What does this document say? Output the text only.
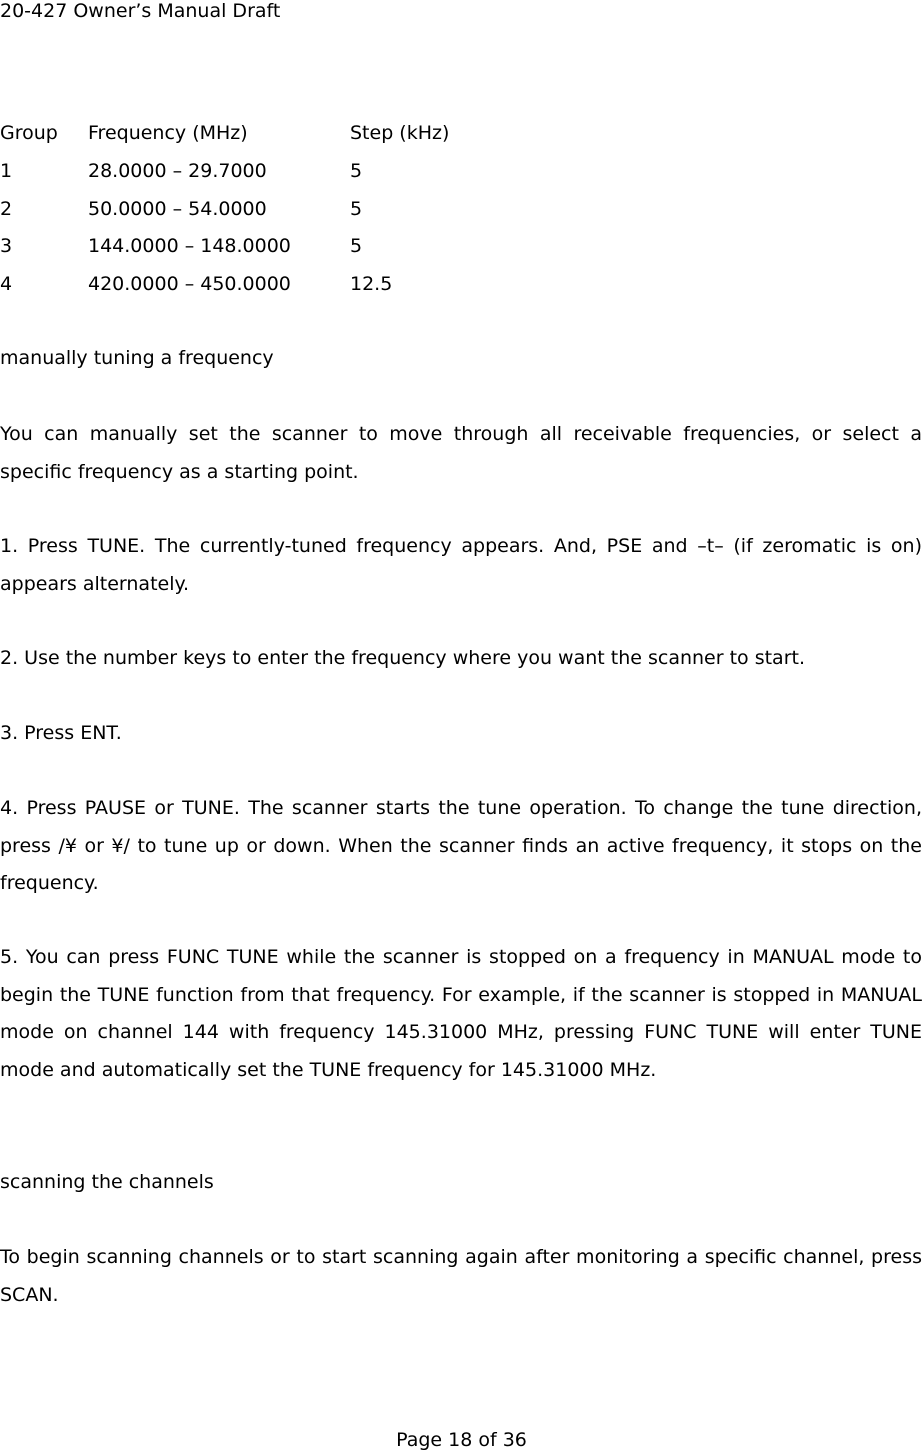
20-427 Owner’s Manual Draft
Group Frequency (MHz)	Step (kHz)
1	28.0000 – 29.7000	5
2	50.0000 – 54.0000	5
3	144.0000 – 148.0000	5
4	420.0000 – 450.0000	12.5

manually tuning a frequency

You can manually set the scanner to move through all receivable frequencies, or select a specific frequency as a starting point.

1. Press TUNE. The currently-tuned frequency appears. And, PSE and –t– (if zeromatic is on) appears alternately.

2. Use the number keys to enter the frequency where you want the scanner to start.

3. Press ENT.

4. Press PAUSE or TUNE. The scanner starts the tune operation. To change the tune direction, press /¥ or ¥/ to tune up or down. When the scanner finds an active frequency, it stops on the frequency.

5. You can press FUNC TUNE while the scanner is stopped on a frequency in MANUAL mode to begin the TUNE function from that frequency. For example, if the scanner is stopped in MANUAL mode on channel 144 with frequency 145.31000 MHz, pressing FUNC TUNE will enter TUNE mode and automatically set the TUNE frequency for 145.31000 MHz.

scanning the channels

To begin scanning channels or to start scanning again after monitoring a specific channel, press SCAN.

Page 18 of 36
